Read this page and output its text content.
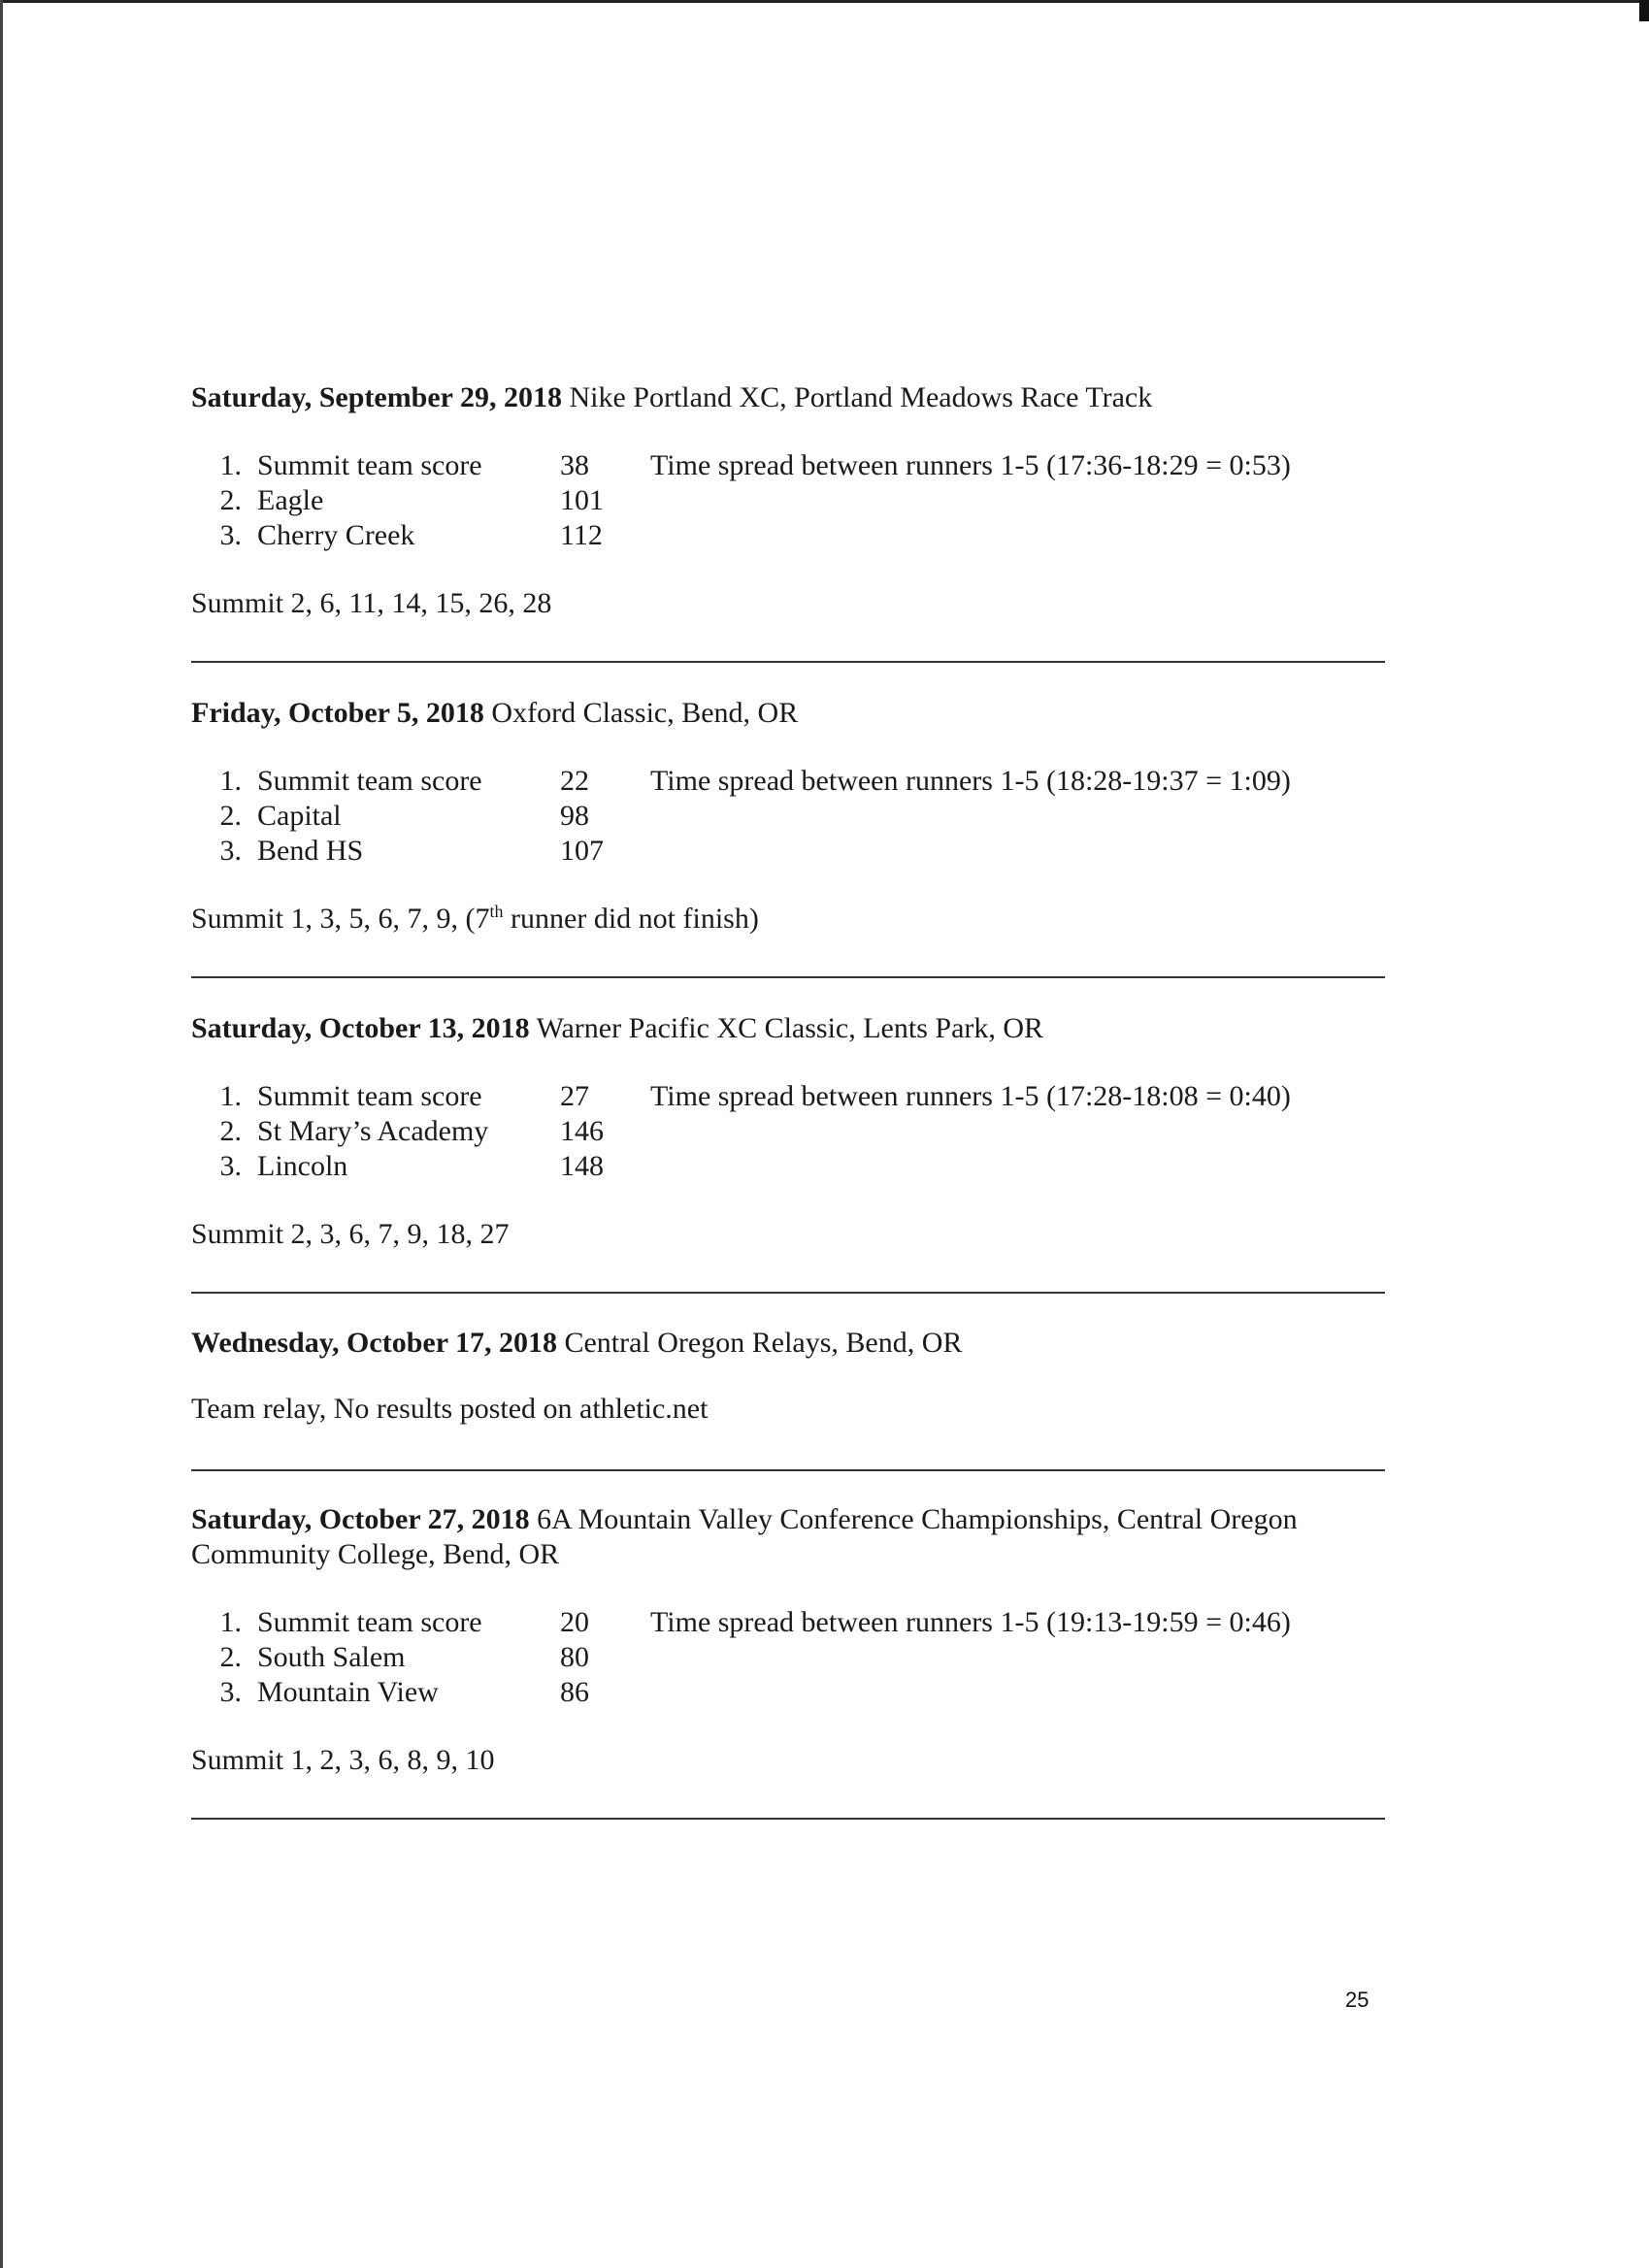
Saturday, September 29, 2018 Nike Portland XC, Portland Meadows Race Track

1. Summit team score	38	Time spread between runners 1-5 (17:36-18:29 = 0:53)
2. Eagle	101
3. Cherry Creek	112

Summit 2, 6, 11, 14, 15, 26, 28

Friday, October 5, 2018 Oxford Classic, Bend, OR

1. Summit team score	22	Time spread between runners 1-5 (18:28-19:37 = 1:09)
2. Capital	98
3. Bend HS	107

Summit 1, 3, 5, 6, 7, 9, (7th runner did not finish)

Saturday, October 13, 2018 Warner Pacific XC Classic, Lents Park, OR

1. Summit team score	27	Time spread between runners 1-5 (17:28-18:08 = 0:40)
2. St Mary’s Academy	146
3. Lincoln	148

Summit 2, 3, 6, 7, 9, 18, 27

Wednesday, October 17, 2018 Central Oregon Relays, Bend, OR

Team relay, No results posted on athletic.net

Saturday, October 27, 2018 6A Mountain Valley Conference Championships, Central Oregon Community College, Bend, OR

1. Summit team score	20	Time spread between runners 1-5 (19:13-19:59 = 0:46)
2. South Salem	80
3. Mountain View	86

Summit 1, 2, 3, 6, 8, 9, 10

25
